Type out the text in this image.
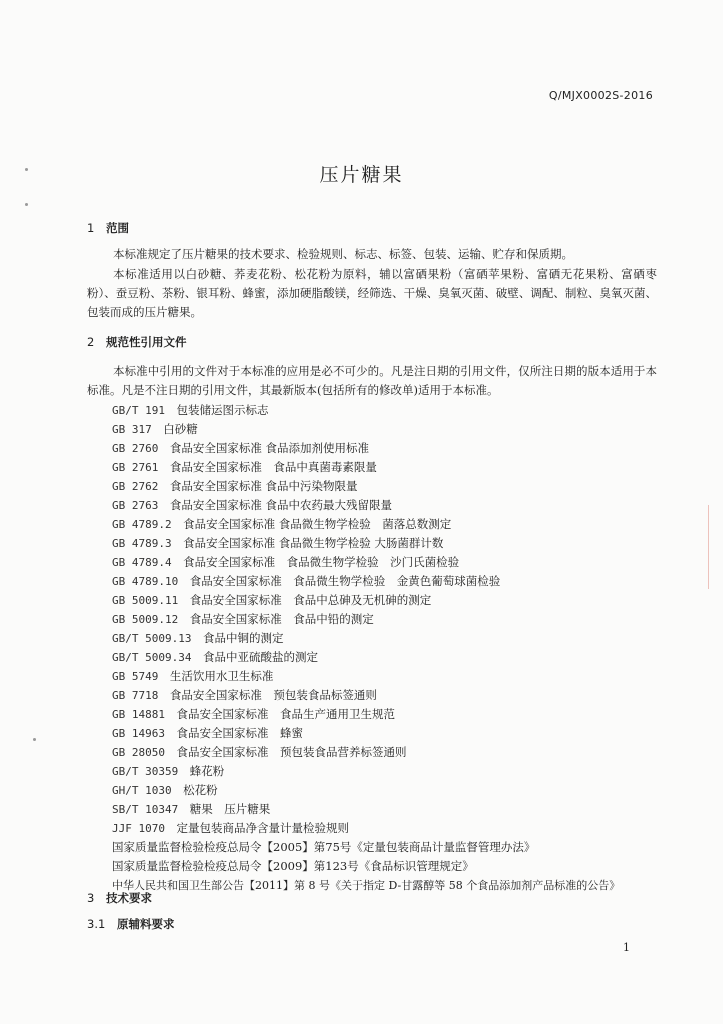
Q/MJX0002S-2016
压片糖果
1 范围
本标准规定了压片糖果的技术要求、检验规则、标志、标签、包装、运输、贮存和保质期。
本标准适用以白砂糖、荞麦花粉、松花粉为原料，辅以富硒果粉（富硒苹果粉、富硒无花果粉、富硒枣粉）、蚕豆粉、茶粉、银耳粉、蜂蜜，添加硬脂酸镁，经筛选、干燥、臭氧灭菌、破壁、调配、制粒、臭氧灭菌、包装而成的压片糖果。
2 规范性引用文件
本标准中引用的文件对于本标准的应用是必不可少的。凡是注日期的引用文件，仅所注日期的版本适用于本标准。凡是不注日期的引用文件，其最新版本(包括所有的修改单)适用于本标准。
GB/T 191　 包装储运图示标志
GB 317　 白砂糖
GB 2760　 食品安全国家标准 食品添加剂使用标准
GB 2761　 食品安全国家标准　食品中真菌毒素限量
GB 2762　 食品安全国家标准 食品中污染物限量
GB 2763　 食品安全国家标准 食品中农药最大残留限量
GB 4789.2　 食品安全国家标准 食品微生物学检验　菌落总数测定
GB 4789.3　 食品安全国家标准 食品微生物学检验 大肠菌群计数
GB 4789.4　 食品安全国家标准　食品微生物学检验　沙门氏菌检验
GB 4789.10　 食品安全国家标准　食品微生物学检验　金黄色葡萄球菌检验
GB 5009.11　 食品安全国家标准　食品中总砷及无机砷的测定
GB 5009.12　 食品安全国家标准　食品中铅的测定
GB/T 5009.13　 食品中铜的测定
GB/T 5009.34　 食品中亚硫酸盐的测定
GB 5749　 生活饮用水卫生标准
GB 7718　 食品安全国家标准　预包装食品标签通则
GB 14881　 食品安全国家标准　食品生产通用卫生规范
GB 14963　 食品安全国家标准　蜂蜜
GB 28050　 食品安全国家标准　预包装食品营养标签通则
GB/T 30359　 蜂花粉
GH/T 1030　 松花粉
SB/T 10347　 糖果　压片糖果
JJF 1070　 定量包装商品净含量计量检验规则
国家质量监督检验检疫总局令【2005】第75号《定量包装商品计量监督管理办法》
国家质量监督检验检疫总局令【2009】第123号《食品标识管理规定》
中华人民共和国卫生部公告【2011】第 8 号《关于指定 D-甘露醇等 58 个食品添加剂产品标准的公告》
3 技术要求
3.1 原辅料要求
1
